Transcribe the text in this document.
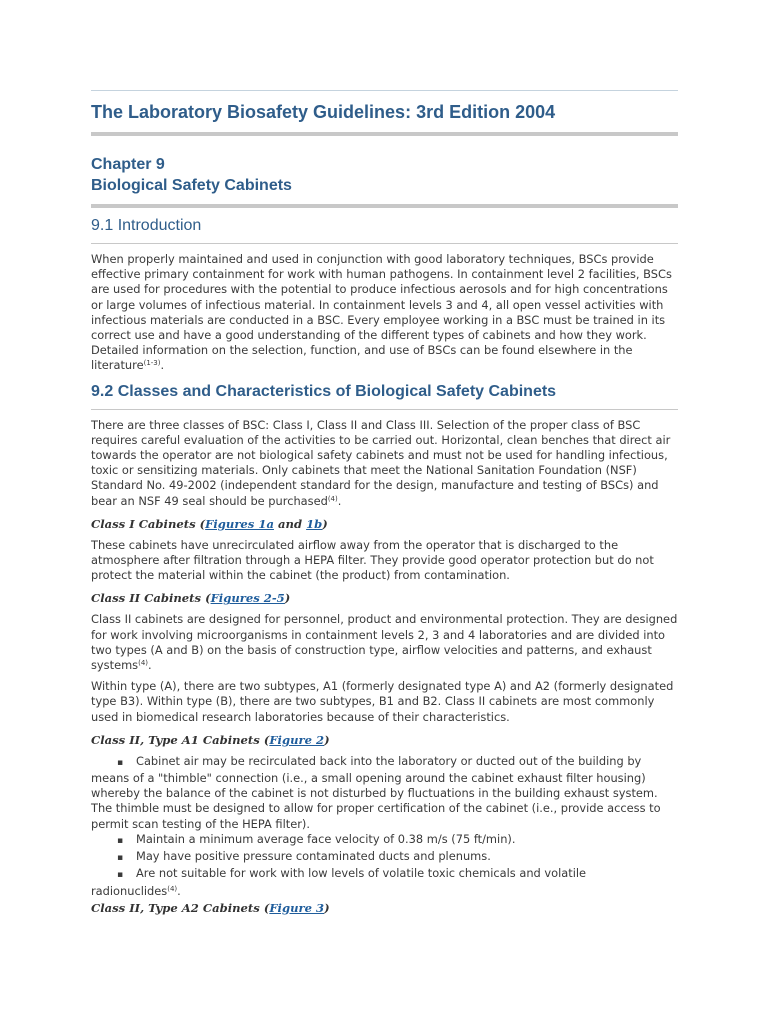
The Laboratory Biosafety Guidelines: 3rd Edition 2004
Chapter 9
Biological Safety Cabinets
9.1 Introduction

When properly maintained and used in conjunction with good laboratory techniques, BSCs provide effective primary containment for work with human pathogens. In containment level 2 facilities, BSCs are used for procedures with the potential to produce infectious aerosols and for high concentrations or large volumes of infectious material. In containment levels 3 and 4, all open vessel activities with infectious materials are conducted in a BSC. Every employee working in a BSC must be trained in its correct use and have a good understanding of the different types of cabinets and how they work. Detailed information on the selection, function, and use of BSCs can be found elsewhere in the literature$^{(1-3)}$.

9.2 Classes and Characteristics of Biological Safety Cabinets

There are three classes of BSC: Class I, Class II and Class III. Selection of the proper class of BSC requires careful evaluation of the activities to be carried out. Horizontal, clean benches that direct air towards the operator are not biological safety cabinets and must not be used for handling infectious, toxic or sensitizing materials. Only cabinets that meet the National Sanitation Foundation (NSF) Standard No. 49-2002 (independent standard for the design, manufacture and testing of BSCs) and bear an NSF 49 seal should be purchased$^{(4)}$.

Class I Cabinets (Figures 1a and 1b)

These cabinets have unrecirculated airflow away from the operator that is discharged to the atmosphere after filtration through a HEPA filter. They provide good operator protection but do not protect the material within the cabinet (the product) from contamination.

Class II Cabinets (Figures 2-5)

Class II cabinets are designed for personnel, product and environmental protection. They are designed for work involving microorganisms in containment levels 2, 3 and 4 laboratories and are divided into two types (A and B) on the basis of construction type, airflow velocities and patterns, and exhaust systems$^{(4)}$.

Within type (A), there are two subtypes, A1 (formerly designated type A) and A2 (formerly designated type B3). Within type (B), there are two subtypes, B1 and B2. Class II cabinets are most commonly used in biomedical research laboratories because of their characteristics.

Class II, Type A1 Cabinets (Figure 2)
▪Cabinet air may be recirculated back into the laboratory or ducted out of the building by means of a "thimble" connection (i.e., a small opening around the cabinet exhaust filter housing) whereby the balance of the cabinet is not disturbed by fluctuations in the building exhaust system. The thimble must be designed to allow for proper certification of the cabinet (i.e., provide access to permit scan testing of the HEPA filter).
▪Maintain a minimum average face velocity of 0.38 m/s (75 ft/min).
▪May have positive pressure contaminated ducts and plenums.
▪Are not suitable for work with low levels of volatile toxic chemicals and volatile radionuclides$^{(4)}$.
Class II, Type A2 Cabinets (Figure 3)
